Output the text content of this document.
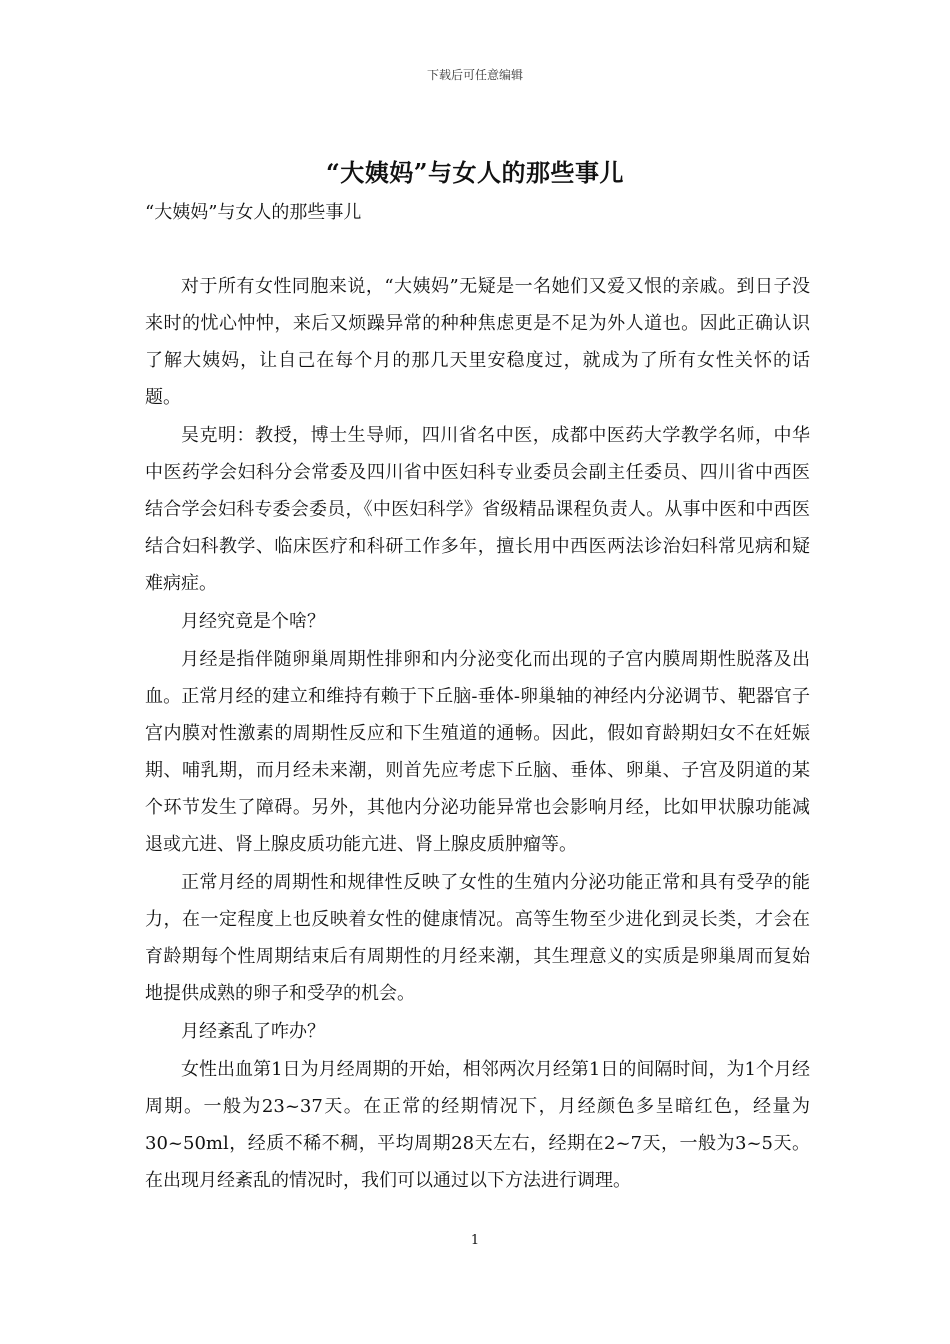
下载后可任意编辑
“大姨妈”与女人的那些事儿
“大姨妈”与女人的那些事儿

对于所有女性同胞来说，“大姨妈”无疑是一名她们又爱又恨的亲戚。到日子没来时的忧心忡忡，来后又烦躁异常的种种焦虑更是不足为外人道也。因此正确认识了解大姨妈，让自己在每个月的那几天里安稳度过，就成为了所有女性关怀的话题。

吴克明：教授，博士生导师，四川省名中医，成都中医药大学教学名师，中华中医药学会妇科分会常委及四川省中医妇科专业委员会副主任委员、四川省中西医结合学会妇科专委会委员，《中医妇科学》省级精品课程负责人。从事中医和中西医结合妇科教学、临床医疗和科研工作多年，擅长用中西医两法诊治妇科常见病和疑难病症。

月经究竟是个啥？

月经是指伴随卵巢周期性排卵和内分泌变化而出现的子宫内膜周期性脱落及出血。正常月经的建立和维持有赖于下丘脑-垂体-卵巢轴的神经内分泌调节、靶器官子宫内膜对性激素的周期性反应和下生殖道的通畅。因此，假如育龄期妇女不在妊娠期、哺乳期，而月经未来潮，则首先应考虑下丘脑、垂体、卵巢、子宫及阴道的某个环节发生了障碍。另外，其他内分泌功能异常也会影响月经，比如甲状腺功能减退或亢进、肾上腺皮质功能亢进、肾上腺皮质肿瘤等。

正常月经的周期性和规律性反映了女性的生殖内分泌功能正常和具有受孕的能力，在一定程度上也反映着女性的健康情况。高等生物至少进化到灵长类，才会在育龄期每个性周期结束后有周期性的月经来潮，其生理意义的实质是卵巢周而复始地提供成熟的卵子和受孕的机会。

月经紊乱了咋办？

女性出血第1日为月经周期的开始，相邻两次月经第1日的间隔时间，为1个月经周期。一般为23~37天。在正常的经期情况下，月经颜色多呈暗红色，经量为30~50ml，经质不稀不稠，平均周期28天左右，经期在2~7天，一般为3~5天。在出现月经紊乱的情况时，我们可以通过以下方法进行调理。

1
